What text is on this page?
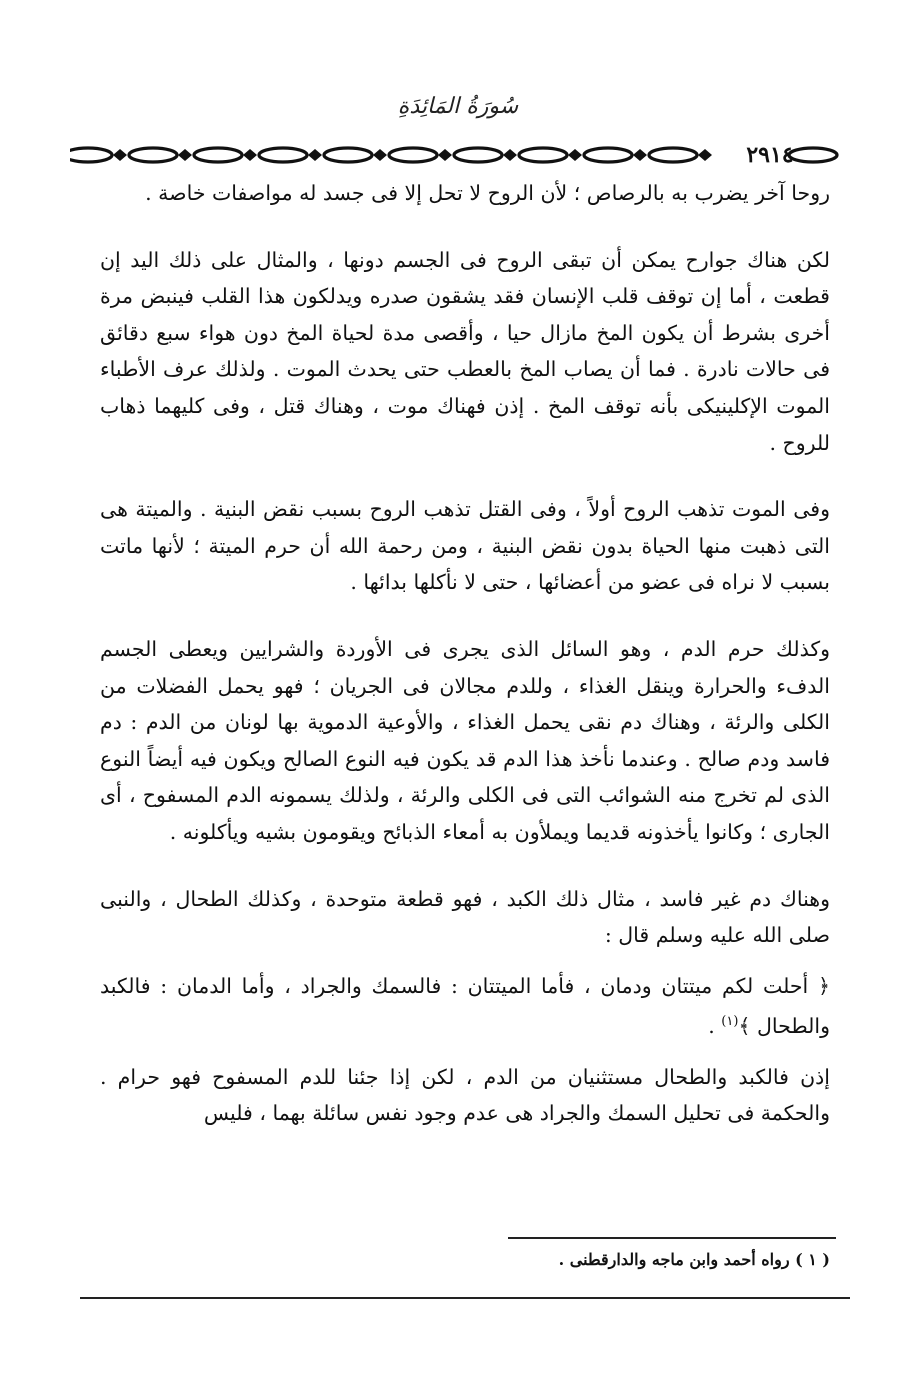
سُورَةُ المَائِدَةِ
٢٩١٤

روحا آخر يضرب به بالرصاص ؛ لأن الروح لا تحل إلا فى جسد له مواصفات خاصة .

لكن هناك جوارح يمكن أن تبقى الروح فى الجسم دونها ، والمثال على ذلك اليد إن قطعت ، أما إن توقف قلب الإنسان فقد يشقون صدره ويدلكون هذا القلب فينبض مرة أخرى بشرط أن يكون المخ مازال حيا ، وأقصى مدة لحياة المخ دون هواء سبع دقائق فى حالات نادرة . فما أن يصاب المخ بالعطب حتى يحدث الموت . ولذلك عرف الأطباء الموت الإكلينيكى بأنه توقف المخ . إذن فهناك موت ، وهناك قتل ، وفى كليهما ذهاب للروح .

وفى الموت تذهب الروح أولاً ، وفى القتل تذهب الروح بسبب نقض البنية . والميتة هى التى ذهبت منها الحياة بدون نقض البنية ، ومن رحمة الله أن حرم الميتة ؛ لأنها ماتت بسبب لا نراه فى عضو من أعضائها ، حتى لا نأكلها بدائها .

وكذلك حرم الدم ، وهو السائل الذى يجرى فى الأوردة والشرايين ويعطى الجسم الدفء والحرارة وينقل الغذاء ، وللدم مجالان فى الجريان ؛ فهو يحمل الفضلات من الكلى والرئة ، وهناك دم نقى يحمل الغذاء ، والأوعية الدموية بها لونان من الدم : دم فاسد ودم صالح . وعندما نأخذ هذا الدم قد يكون فيه النوع الصالح ويكون فيه أيضاً النوع الذى لم تخرج منه الشوائب التى فى الكلى والرئة ، ولذلك يسمونه الدم المسفوح ، أى الجارى ؛ وكانوا يأخذونه قديما ويملأون به أمعاء الذبائح ويقومون بشيه ويأكلونه .

وهناك دم غير فاسد ، مثال ذلك الكبد ، فهو قطعة متوحدة ، وكذلك الطحال ، والنبى صلى الله عليه وسلم قال :

﴿ أحلت لكم ميتتان ودمان ، فأما الميتتان : فالسمك والجراد ، وأما الدمان : فالكبد والطحال ﴾$^{(١)}$ .

إذن فالكبد والطحال مستثنيان من الدم ، لكن إذا جئنا للدم المسفوح فهو حرام . والحكمة فى تحليل السمك والجراد هى عدم وجود نفس سائلة بهما ، فليس

( ١ ) رواه أحمد وابن ماجه والدارقطنى .
